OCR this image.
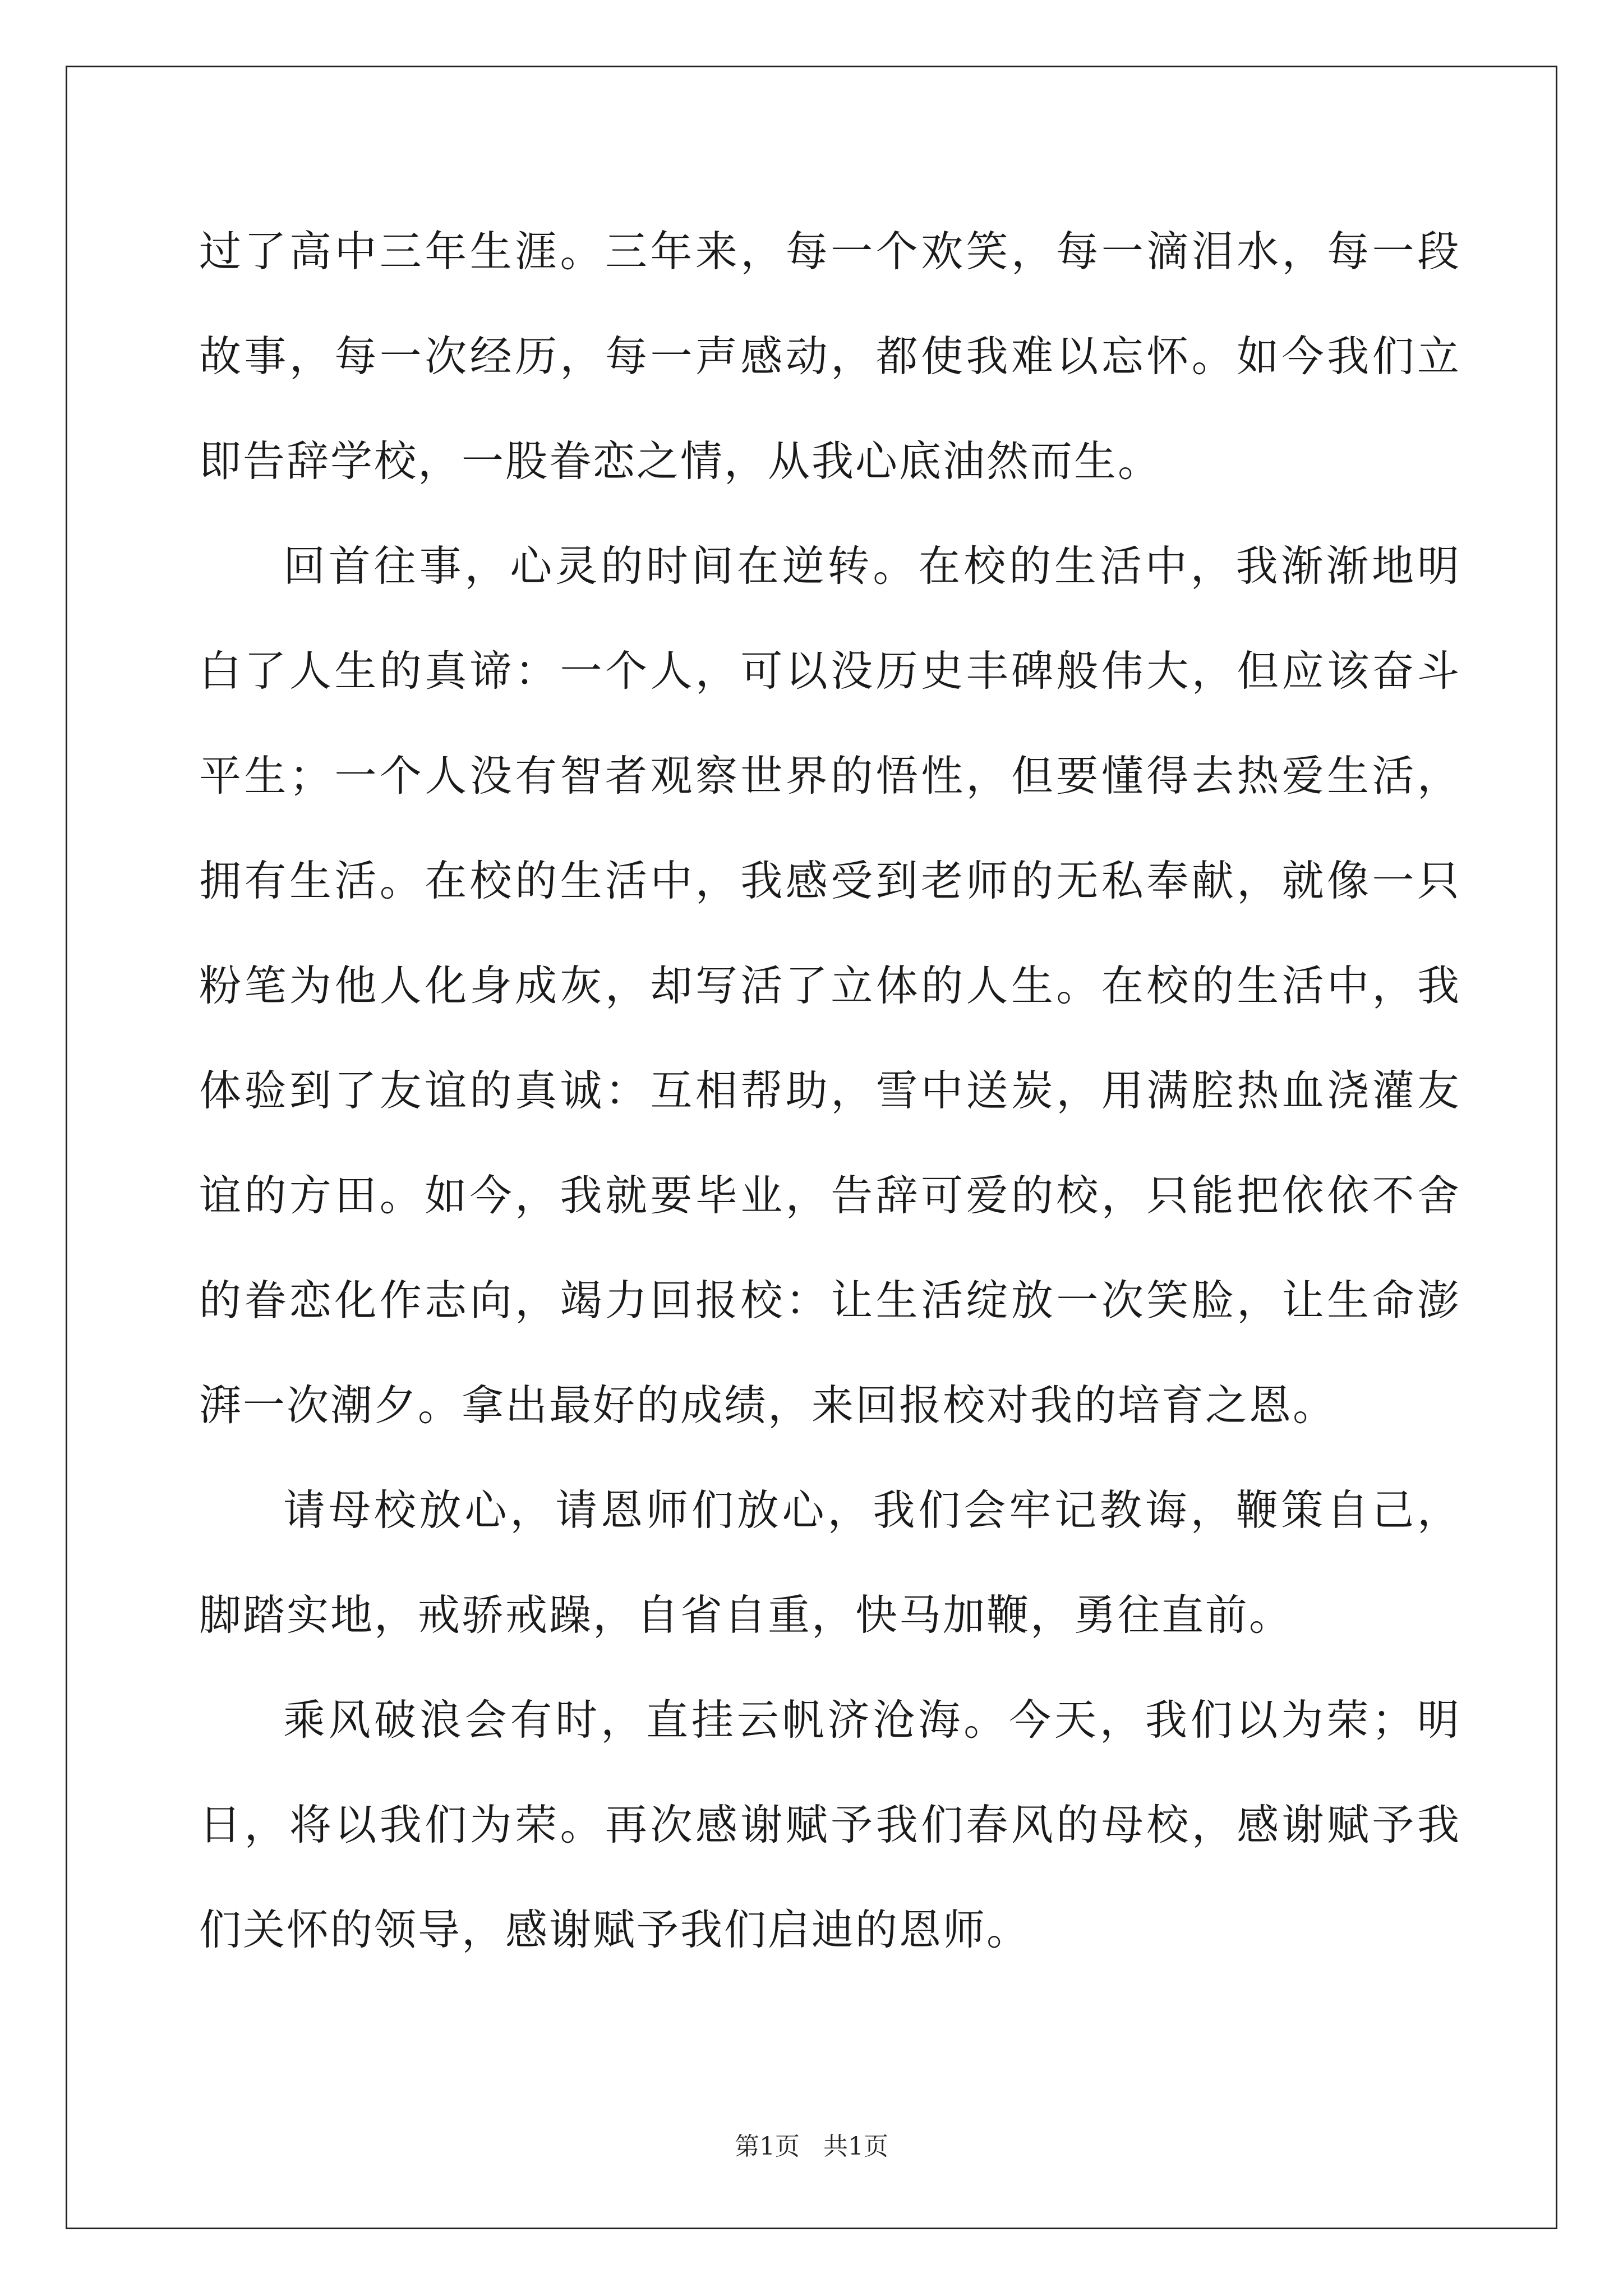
过了高中三年生涯。三年来，每一个欢笑，每一滴泪水，每一段故事，每一次经历，每一声感动，都使我难以忘怀。如今我们立即告辞学校，一股眷恋之情，从我心底油然而生。

回首往事，心灵的时间在逆转。在校的生活中，我渐渐地明白了人生的真谛：一个人，可以没历史丰碑般伟大，但应该奋斗平生；一个人没有智者观察世界的悟性，但要懂得去热爱生活，拥有生活。在校的生活中，我感受到老师的无私奉献，就像一只粉笔为他人化身成灰，却写活了立体的人生。在校的生活中，我体验到了友谊的真诚：互相帮助，雪中送炭，用满腔热血浇灌友谊的方田。如今，我就要毕业，告辞可爱的校，只能把依依不舍的眷恋化作志向，竭力回报校：让生活绽放一次笑脸，让生命澎湃一次潮夕。拿出最好的成绩，来回报校对我的培育之恩。

请母校放心，请恩师们放心，我们会牢记教诲，鞭策自己，脚踏实地，戒骄戒躁，自省自重，快马加鞭，勇往直前。

乘风破浪会有时，直挂云帆济沧海。今天，我们以为荣；明日，将以我们为荣。再次感谢赋予我们春风的母校，感谢赋予我们关怀的领导，感谢赋予我们启迪的恩师。

第1页   共1页
